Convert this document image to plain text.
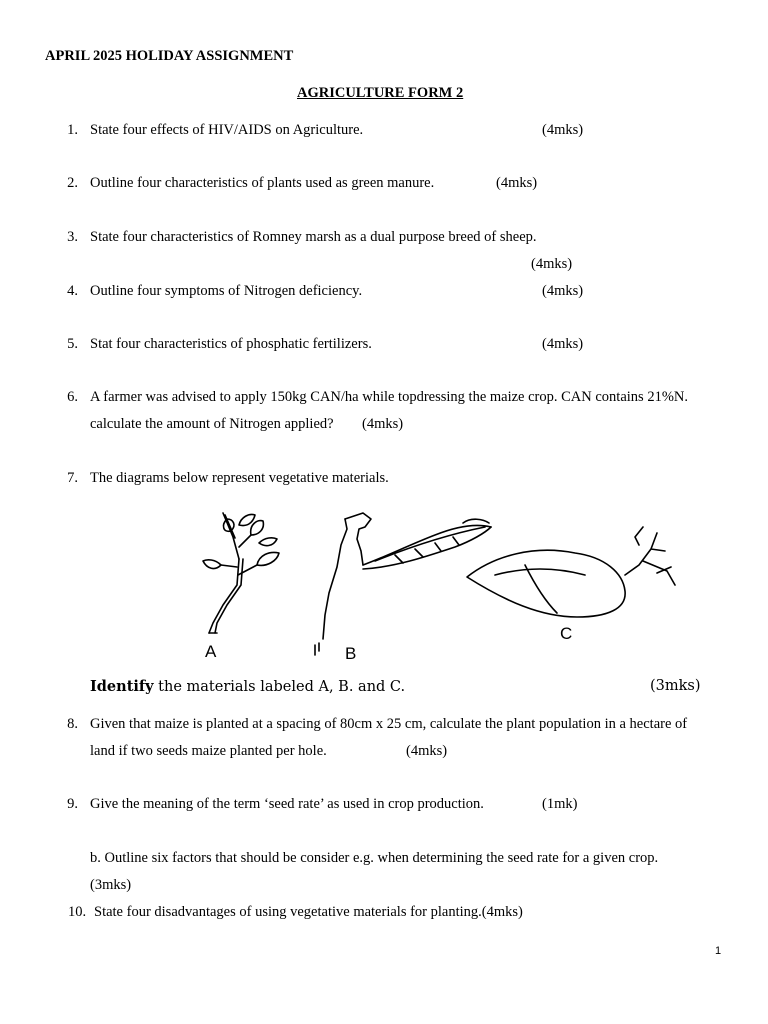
APRIL 2025 HOLIDAY ASSIGNMENT
AGRICULTURE FORM 2
1. State four effects of HIV/AIDS on Agriculture.	(4mks)
2. Outline four characteristics of plants used as green manure.	(4mks)
3. State four characteristics of Romney marsh as a dual purpose breed of sheep.
(4mks)
4. Outline four symptoms of Nitrogen deficiency.	(4mks)
5. Stat four characteristics of phosphatic fertilizers.	(4mks)
6. A farmer was advised to apply 150kg CAN/ha while topdressing the maize crop. CAN contains 21%N.
calculate the amount of Nitrogen applied? (4mks)
7. The diagrams below represent vegetative materials.
A	B
C
Identify the materials labeled A, B. and C.	(3mks)
8. Given that maize is planted at a spacing of 80cm x 25 cm, calculate the plant population in a hectare of
land if two seeds maize planted per hole.	(4mks)
9. Give the meaning of the term ‘seed rate’ as used in crop production.	(1mk)
b. Outline six factors that should be consider e.g. when determining the seed rate for a given crop.
(3mks)
10. State four disadvantages of using vegetative materials for planting.(4mks)
1
